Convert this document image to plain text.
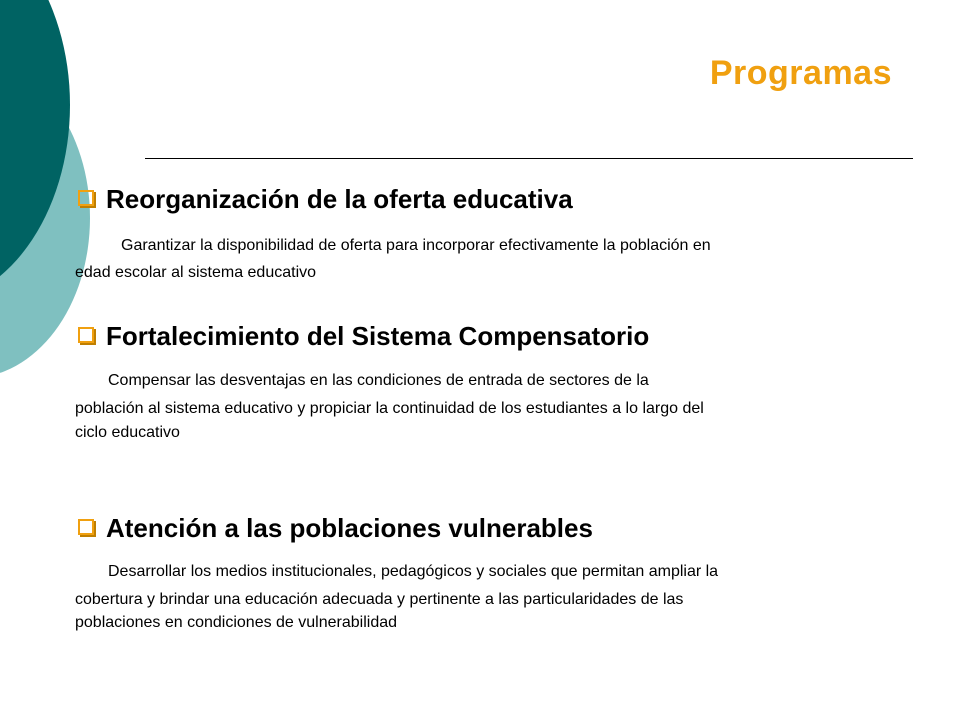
Programas
Reorganización de la oferta educativa
Garantizar la disponibilidad de oferta para incorporar efectivamente la población en
edad escolar al sistema educativo
Fortalecimiento del Sistema Compensatorio
Compensar las desventajas en las condiciones de entrada de sectores de la
población al sistema educativo y propiciar la continuidad de los estudiantes a lo largo del
ciclo educativo
Atención a las poblaciones vulnerables
Desarrollar los medios institucionales, pedagógicos y sociales que permitan ampliar la
cobertura y brindar una educación adecuada y pertinente a las particularidades de las
poblaciones en condiciones de vulnerabilidad
